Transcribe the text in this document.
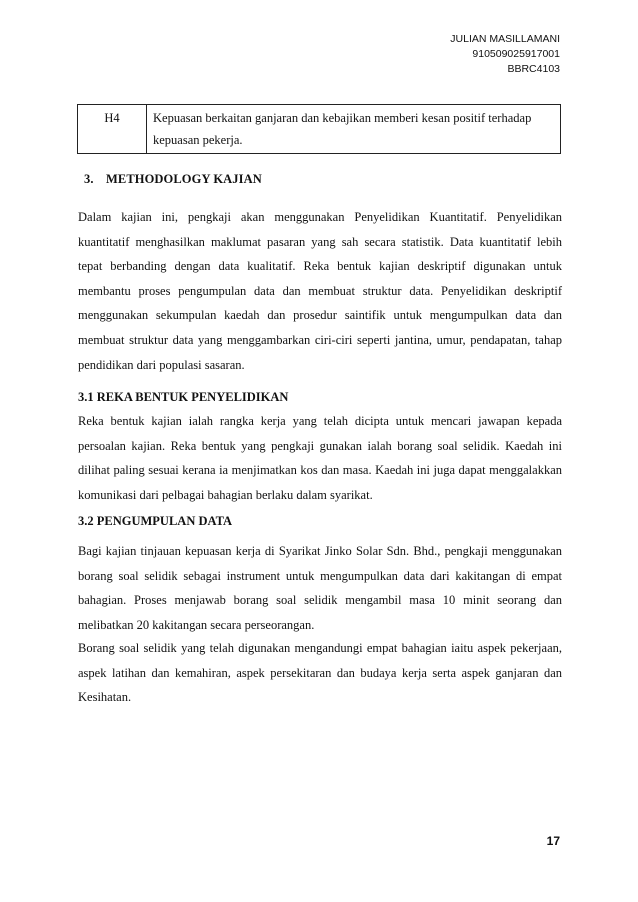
JULIAN MASILLAMANI
910509025917001
BBRC4103
H4	Kepuasan berkaitan ganjaran dan kebajikan memberi kesan positif terhadap
kepuasan pekerja.
3. METHODOLOGY KAJIAN

Dalam kajian ini, pengkaji akan menggunakan Penyelidikan Kuantitatif. Penyelidikan
kuantitatif menghasilkan maklumat pasaran yang sah secara statistik. Data kuantitatif lebih
tepat berbanding dengan data kualitatif. Reka bentuk kajian deskriptif digunakan untuk
membantu proses pengumpulan data dan membuat struktur data. Penyelidikan deskriptif
menggunakan sekumpulan kaedah dan prosedur saintifik untuk mengumpulkan data dan
membuat struktur data yang menggambarkan ciri-ciri seperti jantina, umur, pendapatan, tahap
pendidikan dari populasi sasaran.

3.1 REKA BENTUK PENYELIDIKAN

Reka bentuk kajian ialah rangka kerja yang telah dicipta untuk mencari jawapan kepada
persoalan kajian. Reka bentuk yang pengkaji gunakan ialah borang soal selidik. Kaedah ini
dilihat paling sesuai kerana ia menjimatkan kos dan masa. Kaedah ini juga dapat menggalakkan
komunikasi dari pelbagai bahagian berlaku dalam syarikat.

3.2 PENGUMPULAN DATA

Bagi kajian tinjauan kepuasan kerja di Syarikat Jinko Solar Sdn. Bhd., pengkaji menggunakan
borang soal selidik sebagai instrument untuk mengumpulkan data dari kakitangan di empat
bahagian. Proses menjawab borang soal selidik mengambil masa 10 minit seorang dan
melibatkan 20 kakitangan secara perseorangan.

Borang soal selidik yang telah digunakan mengandungi empat bahagian iaitu aspek pekerjaan,
aspek latihan dan kemahiran, aspek persekitaran dan budaya kerja serta aspek ganjaran dan
Kesihatan.

17
